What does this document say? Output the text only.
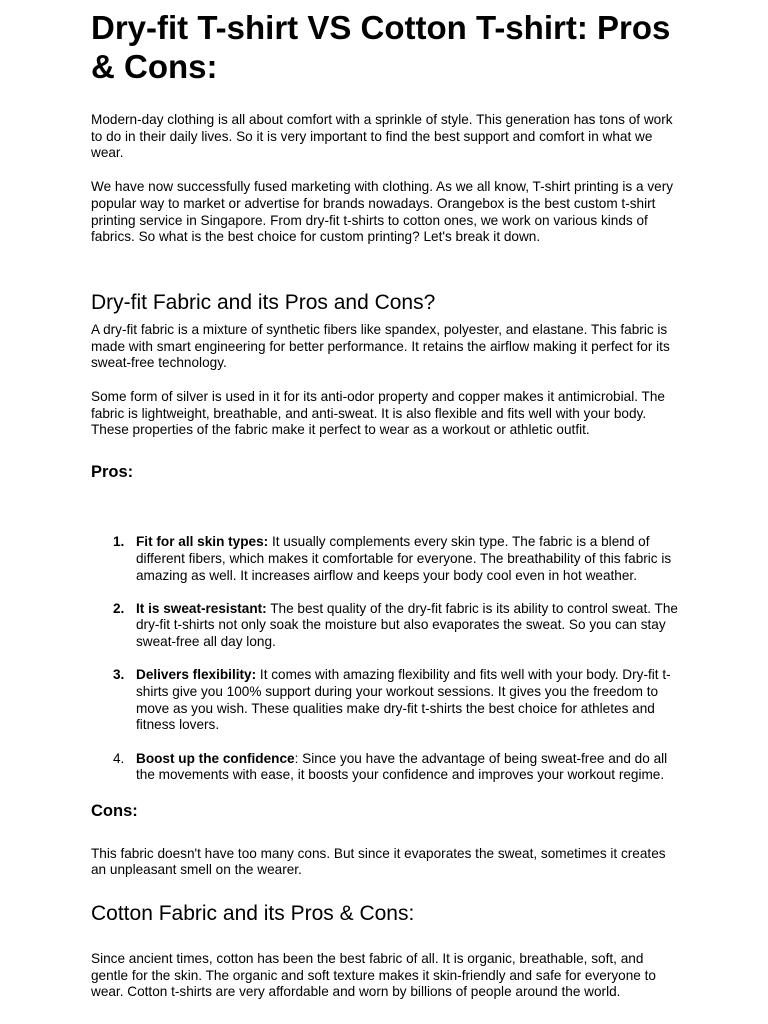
Dry-fit T-shirt VS Cotton T-shirt: Pros & Cons:

Modern-day clothing is all about comfort with a sprinkle of style. This generation has tons of work to do in their daily lives. So it is very important to find the best support and comfort in what we wear.

We have now successfully fused marketing with clothing. As we all know, T-shirt printing is a very popular way to market or advertise for brands nowadays. Orangebox is the best custom t-shirt printing service in Singapore. From dry-fit t-shirts to cotton ones, we work on various kinds of fabrics. So what is the best choice for custom printing? Let's break it down.

Dry-fit Fabric and its Pros and Cons?

A dry-fit fabric is a mixture of synthetic fibers like spandex, polyester, and elastane. This fabric is made with smart engineering for better performance. It retains the airflow making it perfect for its sweat-free technology.

Some form of silver is used in it for its anti-odor property and copper makes it antimicrobial. The fabric is lightweight, breathable, and anti-sweat. It is also flexible and fits well with your body. These properties of the fabric make it perfect to wear as a workout or athletic outfit.

Pros:
1. Fit for all skin types: It usually complements every skin type. The fabric is a blend of different fibers, which makes it comfortable for everyone. The breathability of this fabric is amazing as well. It increases airflow and keeps your body cool even in hot weather.
2. It is sweat-resistant: The best quality of the dry-fit fabric is its ability to control sweat. The dry-fit t-shirts not only soak the moisture but also evaporates the sweat. So you can stay sweat-free all day long.
3. Delivers flexibility: It comes with amazing flexibility and fits well with your body. Dry-fit t-shirts give you 100% support during your workout sessions. It gives you the freedom to move as you wish. These qualities make dry-fit t-shirts the best choice for athletes and fitness lovers.
4. Boost up the confidence: Since you have the advantage of being sweat-free and do all the movements with ease, it boosts your confidence and improves your workout regime.
Cons:

This fabric doesn't have too many cons. But since it evaporates the sweat, sometimes it creates an unpleasant smell on the wearer.

Cotton Fabric and its Pros & Cons:

Since ancient times, cotton has been the best fabric of all. It is organic, breathable, soft, and gentle for the skin. The organic and soft texture makes it skin-friendly and safe for everyone to wear. Cotton t-shirts are very affordable and worn by billions of people around the world.
